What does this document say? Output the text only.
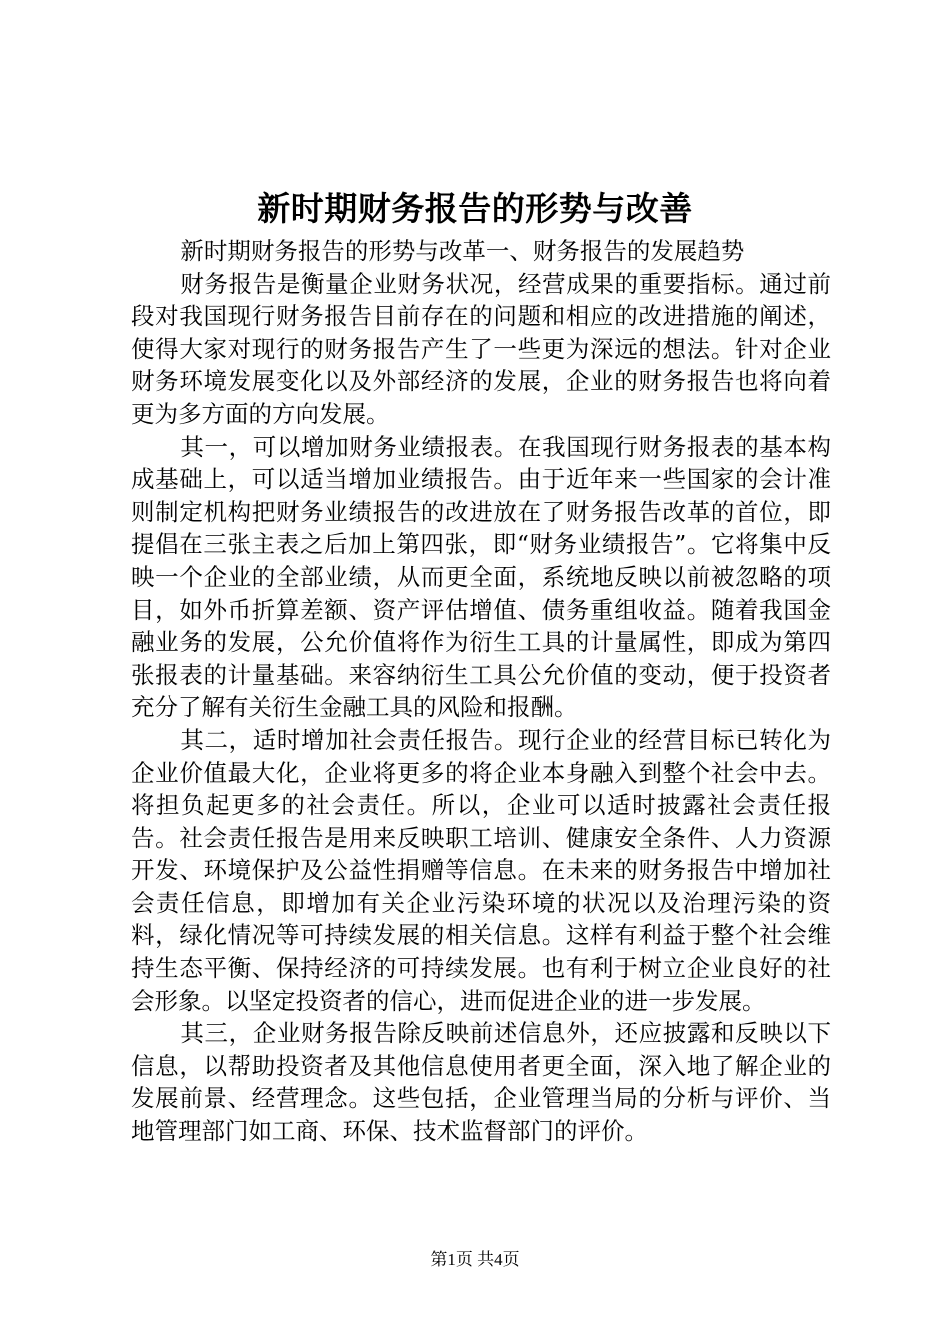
新时期财务报告的形势与改善

新时期财务报告的形势与改革一、财务报告的发展趋势

财务报告是衡量企业财务状况，经营成果的重要指标。通过前段对我国现行财务报告目前存在的问题和相应的改进措施的阐述，使得大家对现行的财务报告产生了一些更为深远的想法。针对企业财务环境发展变化以及外部经济的发展，企业的财务报告也将向着更为多方面的方向发展。

其一，可以增加财务业绩报表。在我国现行财务报表的基本构成基础上，可以适当增加业绩报告。由于近年来一些国家的会计准则制定机构把财务业绩报告的改进放在了财务报告改革的首位，即提倡在三张主表之后加上第四张，即“财务业绩报告”。它将集中反映一个企业的全部业绩，从而更全面，系统地反映以前被忽略的项目，如外币折算差额、资产评估增值、债务重组收益。随着我国金融业务的发展，公允价值将作为衍生工具的计量属性，即成为第四张报表的计量基础。来容纳衍生工具公允价值的变动，便于投资者充分了解有关衍生金融工具的风险和报酬。

其二，适时增加社会责任报告。现行企业的经营目标已转化为企业价值最大化，企业将更多的将企业本身融入到整个社会中去。将担负起更多的社会责任。所以，企业可以适时披露社会责任报告。社会责任报告是用来反映职工培训、健康安全条件、人力资源开发、环境保护及公益性捐赠等信息。在未来的财务报告中增加社会责任信息，即增加有关企业污染环境的状况以及治理污染的资料，绿化情况等可持续发展的相关信息。这样有利益于整个社会维持生态平衡、保持经济的可持续发展。也有利于树立企业良好的社会形象。以坚定投资者的信心，进而促进企业的进一步发展。

其三，企业财务报告除反映前述信息外，还应披露和反映以下信息，以帮助投资者及其他信息使用者更全面，深入地了解企业的发展前景、经营理念。这些包括，企业管理当局的分析与评价、当地管理部门如工商、环保、技术监督部门的评价。

第1页 共4页
